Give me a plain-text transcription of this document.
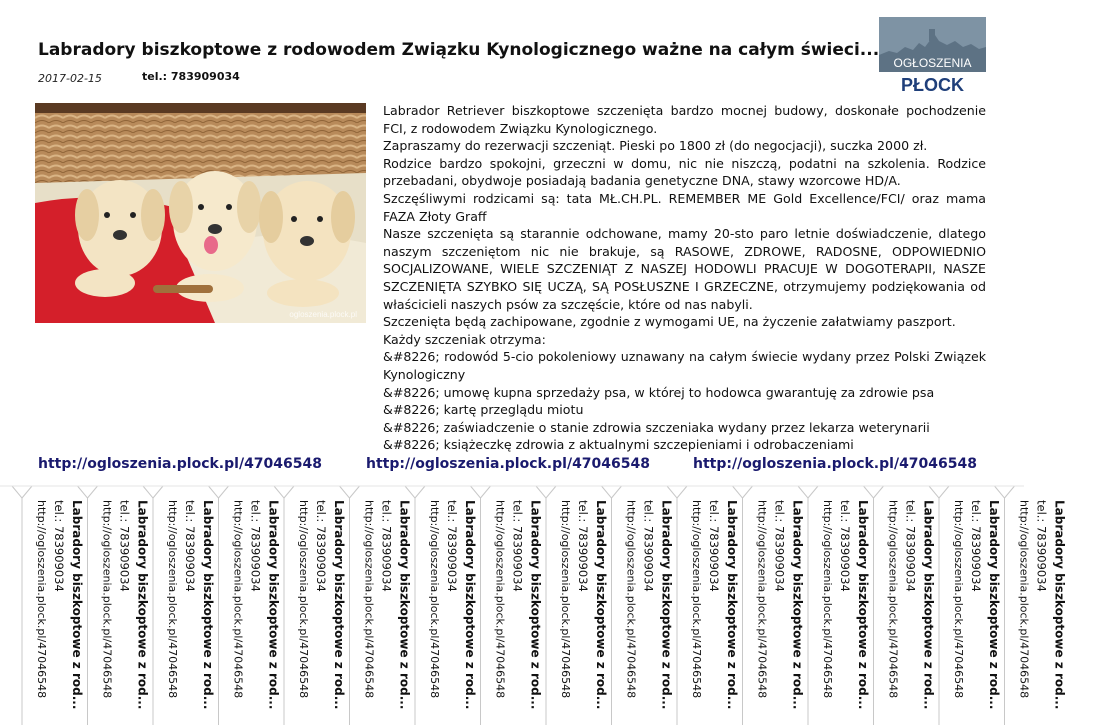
Labradory biszkoptowe z rodowodem Związku Kynologicznego ważne na całym świeci...
2017-02-15	tel.: 783909034
OGŁOSZENIA
PŁOCK
ogloszenia.plock.pl

Labrador Retriever biszkoptowe szczenięta bardzo mocnej budowy, doskonałe pochodzenie FCI, z rodowodem Związku Kynologicznego.

Zapraszamy do rezerwacji szczeniąt. Pieski po 1800 zł (do negocjacji), suczka 2000 zł.

Rodzice bardzo spokojni, grzeczni w domu, nic nie niszczą, podatni na szkolenia. Rodzice przebadani, obydwoje posiadają badania genetyczne DNA, stawy wzorcowe HD/A.

Szczęśliwymi rodzicami są: tata MŁ.CH.PL. REMEMBER ME Gold Excellence/FCI/ oraz mama FAZA Złoty Graff

Nasze szczenięta są starannie odchowane, mamy 20-sto paro letnie doświadczenie, dlatego naszym szczeniętom nic nie brakuje, są RASOWE, ZDROWE, RADOSNE, ODPOWIEDNIO SOCJALIZOWANE, WIELE SZCZENIĄT Z NASZEJ HODOWLI PRACUJE W DOGOTERAPII, NASZE SZCZENIĘTA SZYBKO SIĘ UCZĄ, SĄ POSŁUSZNE I GRZECZNE, otrzymujemy podziękowania od właścicieli naszych psów za szczęście, które od nas nabyli.

Szczenięta będą zachipowane, zgodnie z wymogami UE, na życzenie załatwiamy paszport.

Każdy szczeniak otrzyma:

&#8226; rodowód 5-cio pokoleniowy uznawany na całym świecie wydany przez Polski Związek Kynologiczny

&#8226; umowę kupna sprzedaży psa, w której to hodowca gwarantuję za zdrowie psa

&#8226; kartę przeglądu miotu

&#8226; zaświadczenie o stanie zdrowia szczeniaka wydany przez lekarza weterynarii

&#8226; książeczkę zdrowia z aktualnymi szczepieniami i odrobaczeniami

http://ogloszenia.plock.pl/47046548	http://ogloszenia.plock.pl/47046548	http://ogloszenia.plock.pl/47046548
Labradory biszkoptowe z rod...
tel.: 783909034
http://ogloszenia.plock.pl/47046548	Labradory biszkoptowe z rod...
tel.: 783909034
http://ogloszenia.plock.pl/47046548	Labradory biszkoptowe z rod...
tel.: 783909034
http://ogloszenia.plock.pl/47046548	Labradory biszkoptowe z rod...
tel.: 783909034
http://ogloszenia.plock.pl/47046548	Labradory biszkoptowe z rod...
tel.: 783909034
http://ogloszenia.plock.pl/47046548	Labradory biszkoptowe z rod...
tel.: 783909034
http://ogloszenia.plock.pl/47046548	Labradory biszkoptowe z rod...
tel.: 783909034
http://ogloszenia.plock.pl/47046548	Labradory biszkoptowe z rod...
tel.: 783909034
http://ogloszenia.plock.pl/47046548	Labradory biszkoptowe z rod...
tel.: 783909034
http://ogloszenia.plock.pl/47046548	Labradory biszkoptowe z rod...
tel.: 783909034
http://ogloszenia.plock.pl/47046548	Labradory biszkoptowe z rod...
tel.: 783909034
http://ogloszenia.plock.pl/47046548	Labradory biszkoptowe z rod...
tel.: 783909034
http://ogloszenia.plock.pl/47046548	Labradory biszkoptowe z rod...
tel.: 783909034
http://ogloszenia.plock.pl/47046548	Labradory biszkoptowe z rod...
tel.: 783909034
http://ogloszenia.plock.pl/47046548	Labradory biszkoptowe z rod...
tel.: 783909034
http://ogloszenia.plock.pl/47046548	Labradory biszkoptowe z rod...
tel.: 783909034
http://ogloszenia.plock.pl/47046548
